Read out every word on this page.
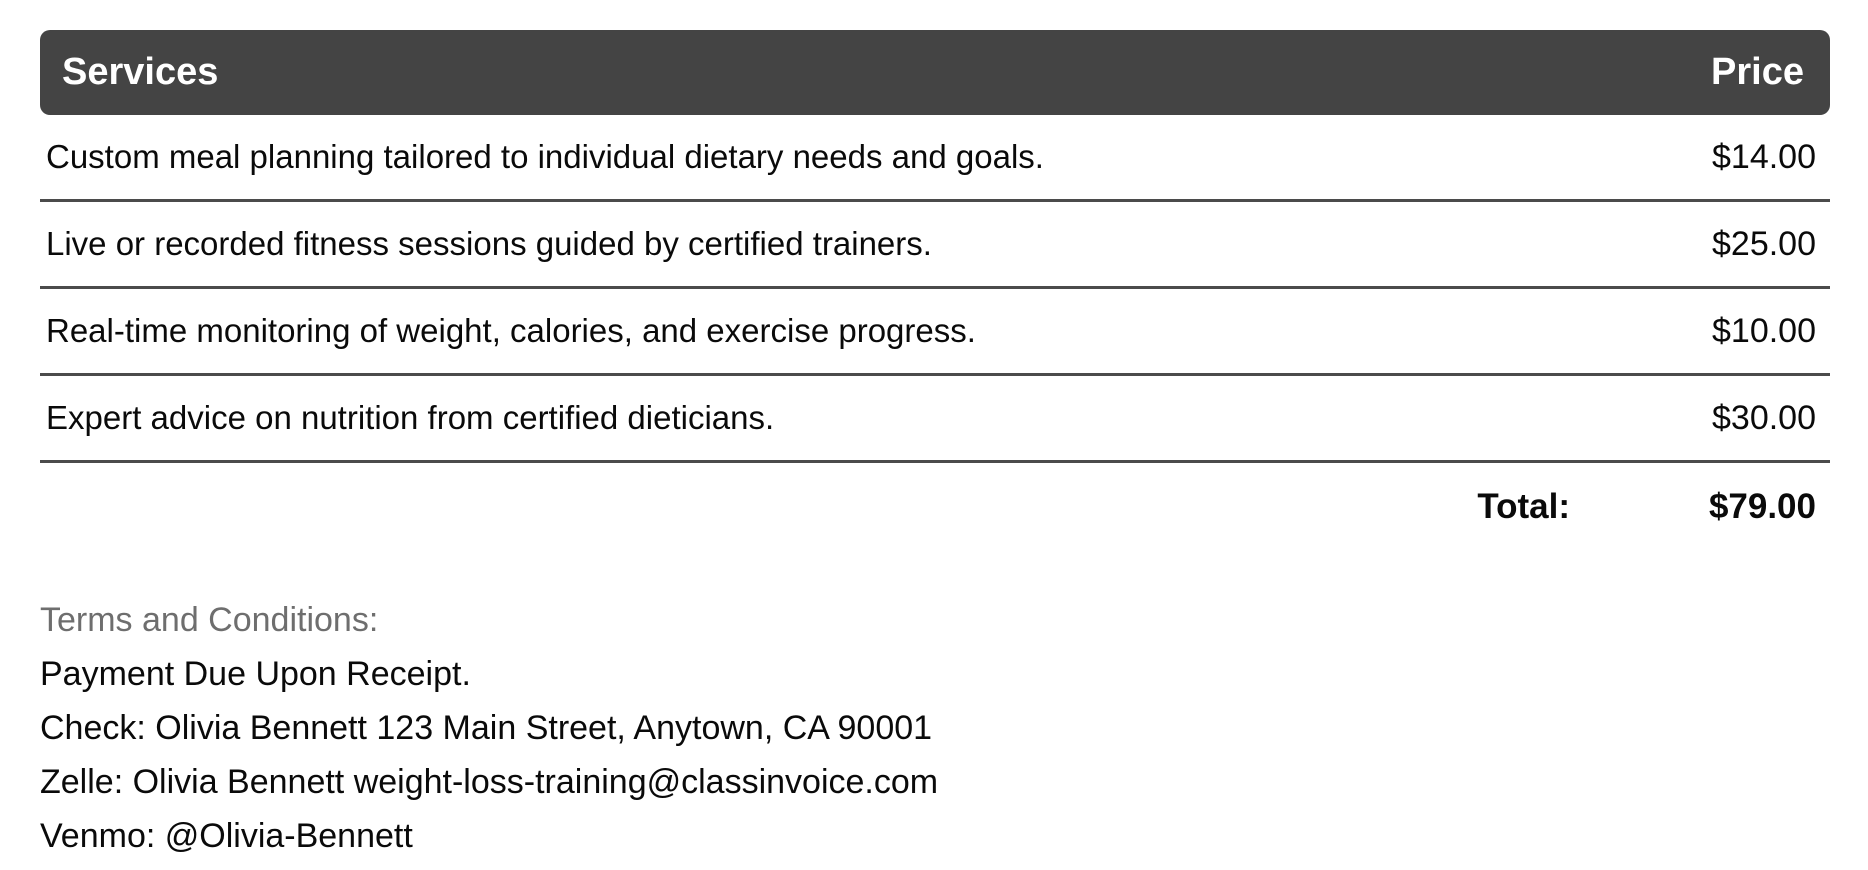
Services	Price
Custom meal planning tailored to individual dietary needs and goals.	$14.00
Live or recorded fitness sessions guided by certified trainers.	$25.00
Real-time monitoring of weight, calories, and exercise progress.	$10.00
Expert advice on nutrition from certified dieticians.	$30.00
Total:	$79.00
Terms and Conditions:
Payment Due Upon Receipt.
Check: Olivia Bennett 123 Main Street, Anytown, CA 90001
Zelle: Olivia Bennett weight-loss-training@classinvoice.com
Venmo: @Olivia-Bennett
